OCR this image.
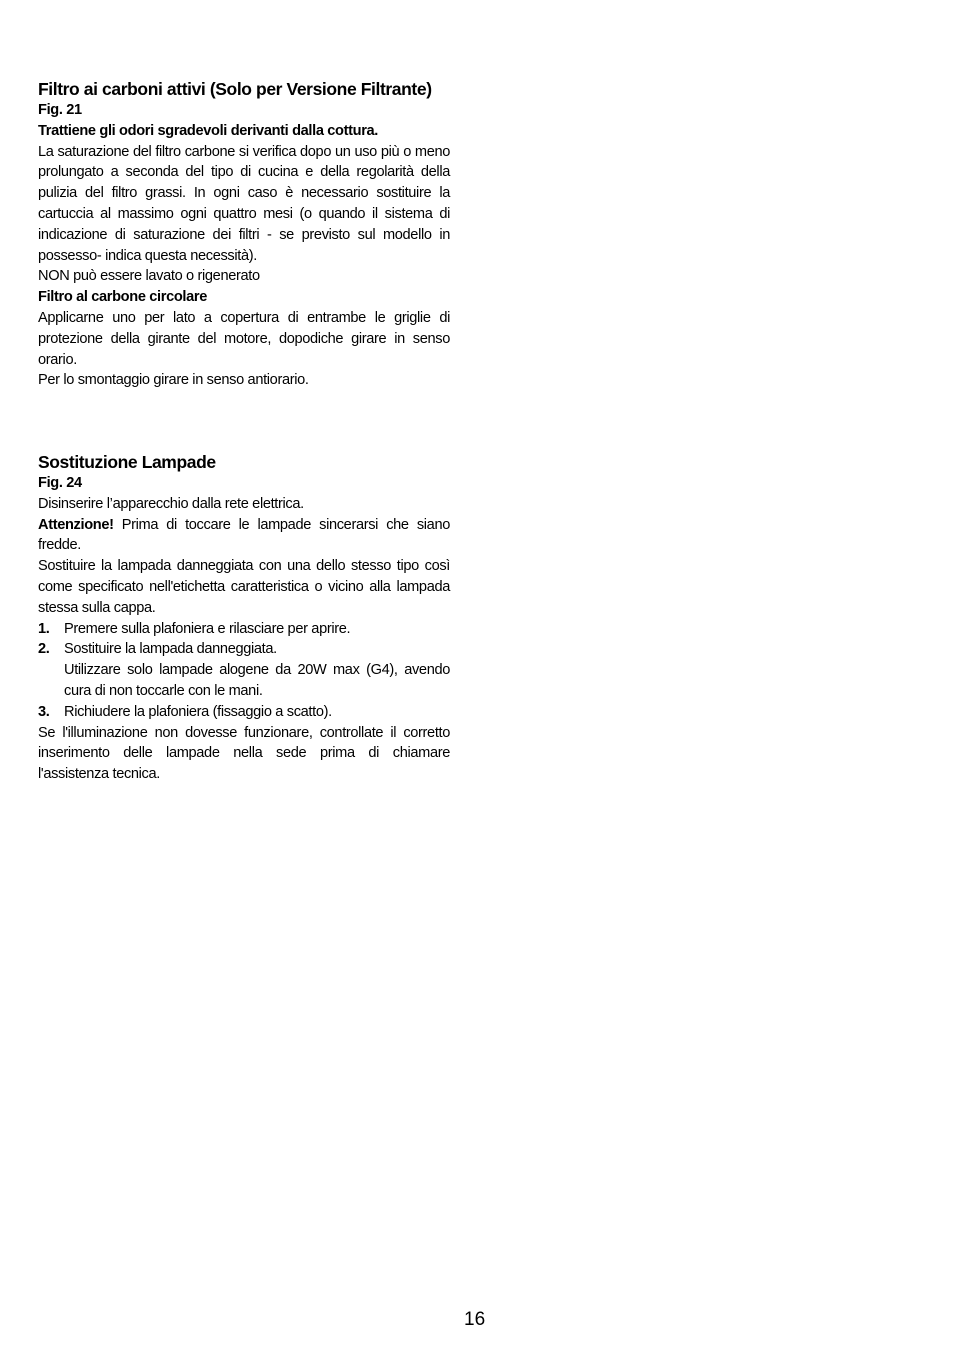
Filtro ai carboni attivi (Solo per Versione Filtrante)
Fig. 21
Trattiene gli odori sgradevoli derivanti dalla cottura.

La saturazione del filtro carbone si verifica dopo un uso più o meno prolungato a seconda del tipo di cucina e della regolarità della pulizia del filtro grassi. In ogni caso è necessario sostituire la cartuccia al massimo ogni quattro mesi (o quando il sistema di indicazione di saturazione dei filtri - se previsto sul modello in possesso- indica questa necessità).

NON può essere lavato o rigenerato

Filtro al carbone circolare

Applicarne uno per lato a copertura di entrambe le griglie di protezione della girante del motore, dopodiche girare in senso orario.

Per lo smontaggio girare in senso antiorario.

Sostituzione Lampade
Fig. 24

Disinserire l’apparecchio dalla rete elettrica.

Attenzione! Prima di toccare le lampade sincerarsi che siano fredde.

Sostituire la lampada danneggiata con una dello stesso tipo così come specificato nell'etichetta caratteristica o vicino alla lampada stessa sulla cappa.

1. Premere sulla plafoniera e rilasciare per aprire.
2. Sostituire la lampada danneggiata.
Utilizzare solo lampade alogene da 20W max (G4), avendo cura di non toccarle con le mani.
3. Richiudere la plafoniera (fissaggio a scatto).

Se l'illuminazione non dovesse funzionare, controllate il corretto inserimento delle lampade nella sede prima di chiamare l'assistenza tecnica.

16
